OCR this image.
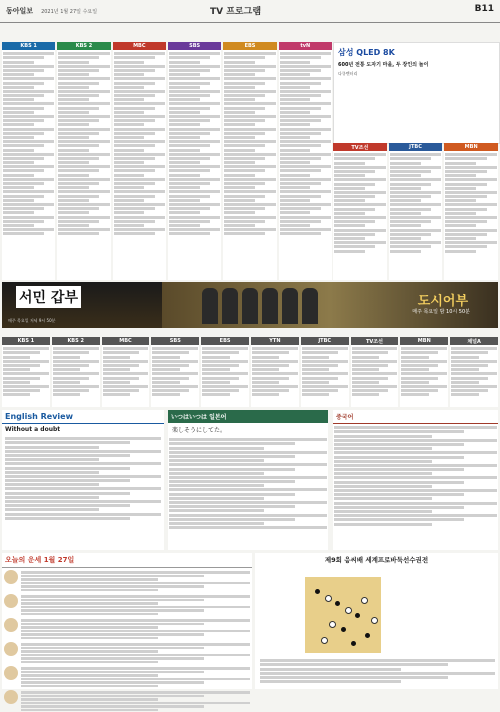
동아일보 2021년 1월 27일 수요일	TV 프로그램	B11
KBS 1	KBS 2	MBC	SBS	EBS	tvN
삼성 QLED 8K
600년 전통 도자기 마을, 두 장인의 놀이
다큐멘터리
TV조선	JTBC	MBN
서민 갑부
매주 목요일 저녁 9시 50분
도시어부
매주 목요일 밤 10시 50분
KBS 1	KBS 2	MBC	SBS	EBS	YTN	JTBC	TV조선	MBN	채널A
English Review
Without a doubt
いつはいつは 일본어
楽しそうにしてた。
중국어
오늘의 운세 1월 27일	제9회 응씨배 세계프로바둑선수권전
